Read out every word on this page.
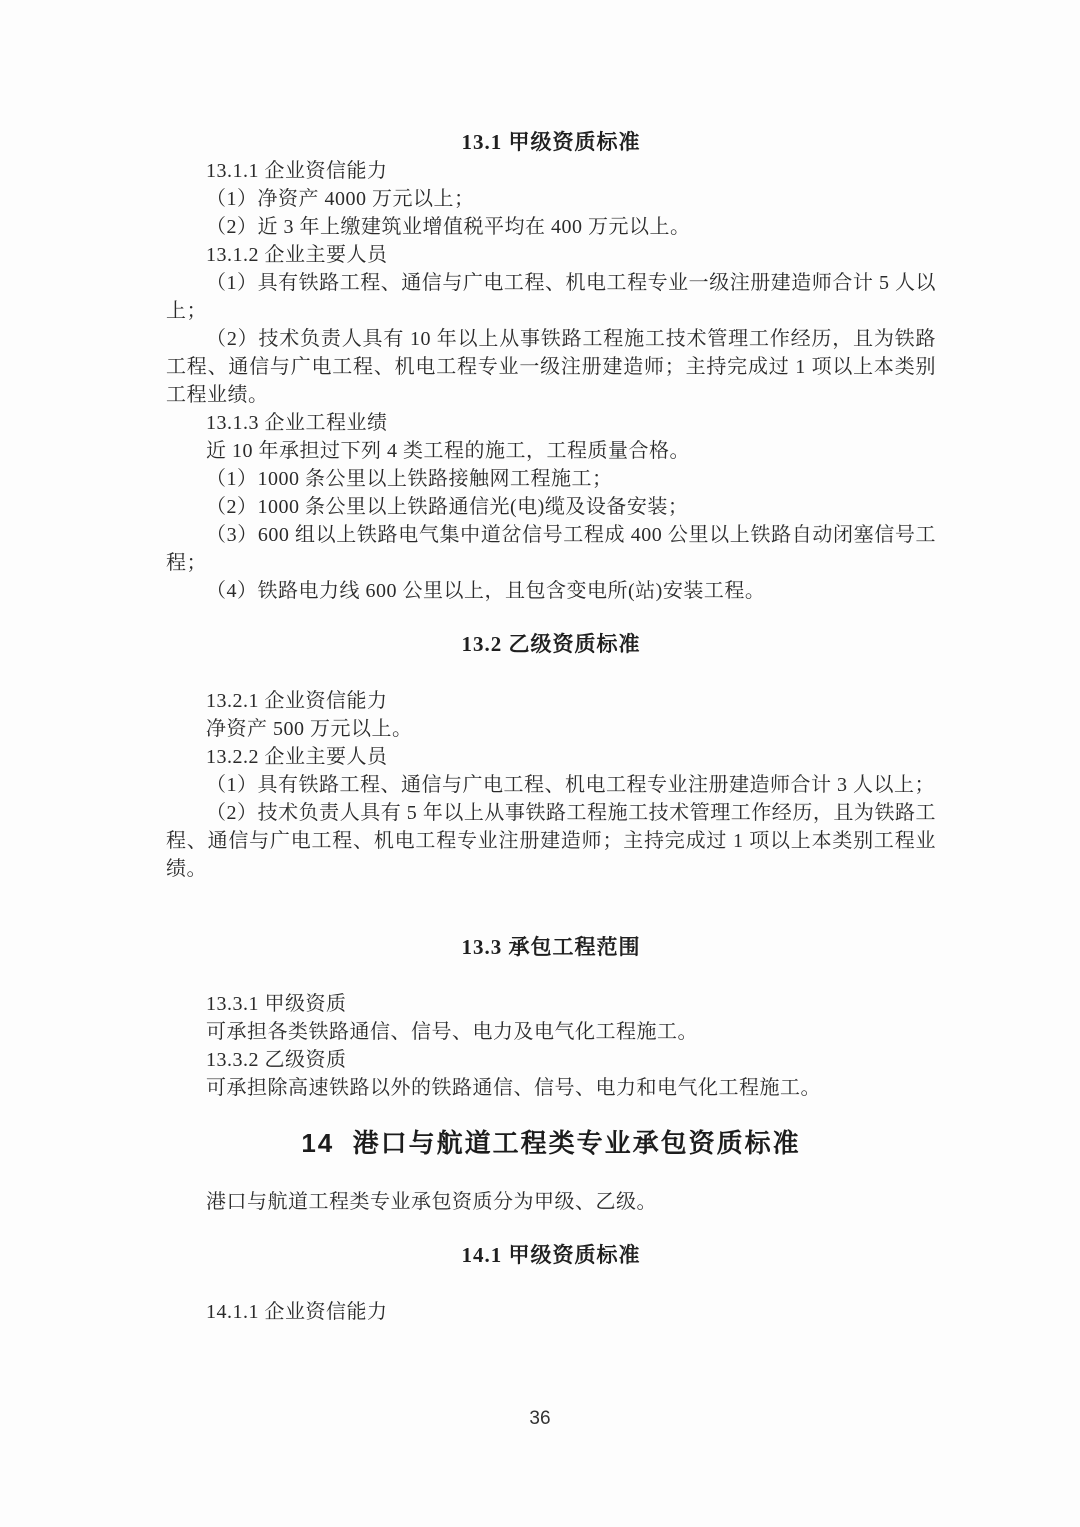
13.1 甲级资质标准

13.1.1 企业资信能力

（1）净资产 4000 万元以上；

（2）近 3 年上缴建筑业增值税平均在 400 万元以上。

13.1.2 企业主要人员

（1）具有铁路工程、通信与广电工程、机电工程专业一级注册建造师合计 5 人以上；

（2）技术负责人具有 10 年以上从事铁路工程施工技术管理工作经历，且为铁路工程、通信与广电工程、机电工程专业一级注册建造师；主持完成过 1 项以上本类别工程业绩。

13.1.3 企业工程业绩

近 10 年承担过下列 4 类工程的施工，工程质量合格。

（1）1000 条公里以上铁路接触网工程施工；

（2）1000 条公里以上铁路通信光(电)缆及设备安装；

（3）600 组以上铁路电气集中道岔信号工程成 400 公里以上铁路自动闭塞信号工程；

（4）铁路电力线 600 公里以上，且包含变电所(站)安装工程。

13.2 乙级资质标准

13.2.1 企业资信能力

净资产 500 万元以上。

13.2.2 企业主要人员

（1）具有铁路工程、通信与广电工程、机电工程专业注册建造师合计 3 人以上；

（2）技术负责人具有 5 年以上从事铁路工程施工技术管理工作经历，且为铁路工程、通信与广电工程、机电工程专业注册建造师；主持完成过 1 项以上本类别工程业绩。

13.3 承包工程范围

13.3.1 甲级资质

可承担各类铁路通信、信号、电力及电气化工程施工。

13.3.2 乙级资质

可承担除高速铁路以外的铁路通信、信号、电力和电气化工程施工。

14  港口与航道工程类专业承包资质标准

港口与航道工程类专业承包资质分为甲级、乙级。

14.1 甲级资质标准

14.1.1 企业资信能力

36
